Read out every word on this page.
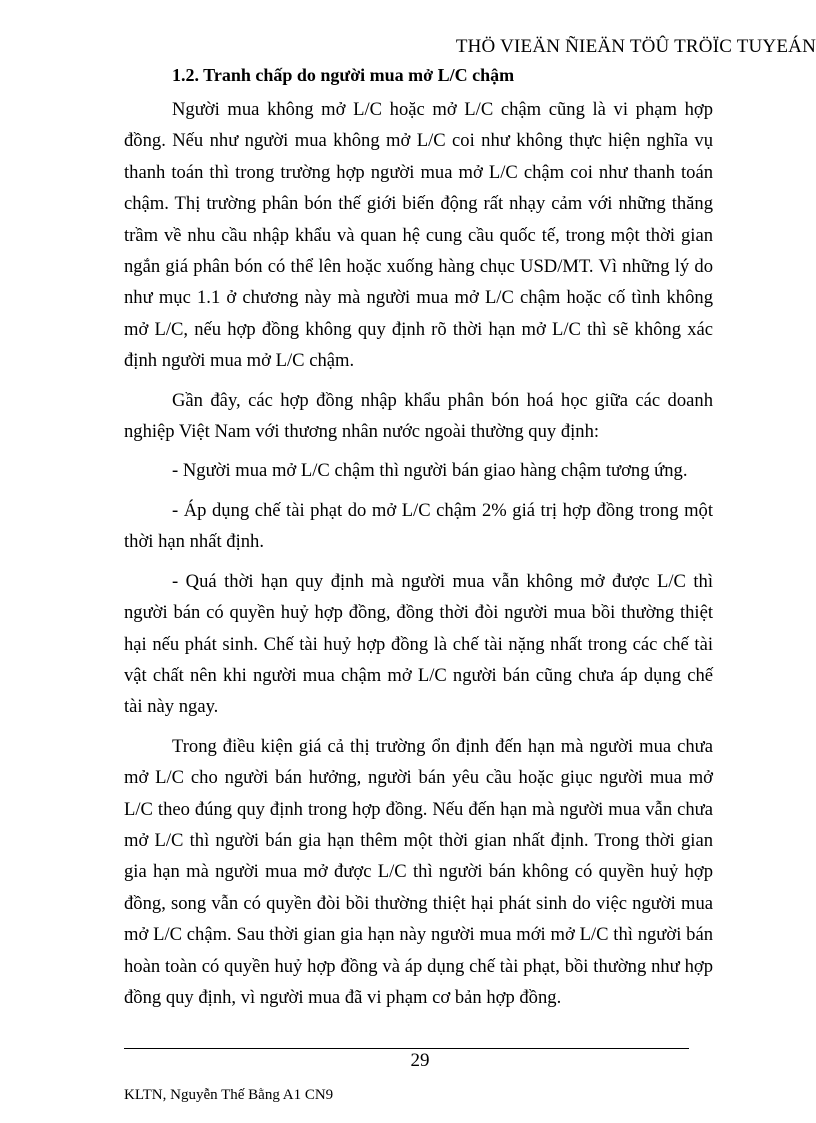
THÖ VIEÄN ÑIEÄN TÖÛ TRÖÏC TUYEÁN
1.2. Tranh chấp do người mua mở L/C chậm

Người mua không mở L/C hoặc mở L/C chậm cũng là vi phạm hợp đồng. Nếu như người mua không mở L/C coi như không thực hiện nghĩa vụ thanh toán thì trong trường hợp người mua mở L/C chậm coi như thanh toán chậm. Thị trường phân bón thế giới biến động rất nhạy cảm với những thăng trầm về nhu cầu nhập khẩu và quan hệ cung cầu quốc tế, trong một thời gian ngắn giá phân bón có thể lên hoặc xuống hàng chục USD/MT. Vì những lý do như mục 1.1 ở chương này mà người mua mở L/C chậm hoặc cố tình không mở L/C, nếu hợp đồng không quy định rõ thời hạn mở L/C thì sẽ không xác định người mua mở L/C chậm.

Gần đây, các hợp đồng nhập khẩu phân bón hoá học giữa các doanh nghiệp Việt Nam với thương nhân nước ngoài thường quy định:

- Người mua mở L/C chậm thì người bán giao hàng chậm tương ứng.

- Áp dụng chế tài phạt do mở L/C chậm 2% giá trị hợp đồng trong một thời hạn nhất định.

- Quá thời hạn quy định mà người mua vẫn không mở được L/C thì người bán có quyền huỷ hợp đồng, đồng thời đòi người mua bồi thường thiệt hại nếu phát sinh. Chế tài huỷ hợp đồng là chế tài nặng nhất trong các chế tài vật chất nên khi người mua chậm mở L/C người bán cũng chưa áp dụng chế tài này ngay.

Trong điều kiện giá cả thị trường ổn định đến hạn mà người mua chưa mở L/C cho người bán hưởng, người bán yêu cầu hoặc giục người mua mở L/C theo đúng quy định trong hợp đồng. Nếu đến hạn mà người mua vẫn chưa mở L/C thì người bán gia hạn thêm một thời gian nhất định. Trong thời gian gia hạn mà người mua mở được L/C thì người bán không có quyền huỷ hợp đồng, song vẫn có quyền đòi bồi thường thiệt hại phát sinh do việc người mua mở L/C chậm. Sau thời gian gia hạn này người mua mới mở L/C thì người bán hoàn toàn có quyền huỷ hợp đồng và áp dụng chế tài phạt, bồi thường như hợp đồng quy định, vì người mua đã vi phạm cơ bản hợp đồng.

29
KLTN, Nguyễn Thế Bằng A1 CN9
